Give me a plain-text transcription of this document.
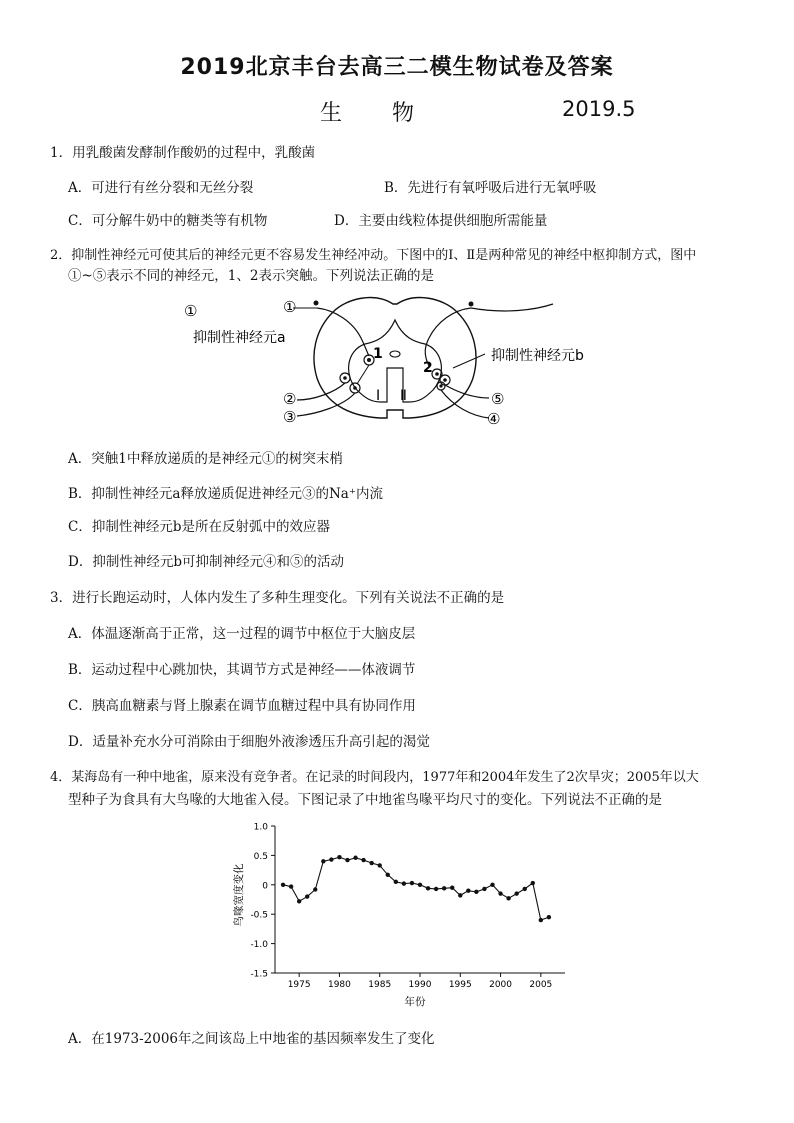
2019北京丰台去高三二模生物试卷及答案
生　　物	2019.5
1．用乳酸菌发酵制作酸奶的过程中，乳酸菌
A．可进行有丝分裂和无丝分裂	B．先进行有氧呼吸后进行无氧呼吸
C．可分解牛奶中的糖类等有机物	D．主要由线粒体提供细胞所需能量
2．抑制性神经元可使其后的神经元更不容易发生神经冲动。下图中的Ⅰ、Ⅱ是两种常见的神经中枢抑制方式，图中
①~⑤表示不同的神经元，1、2表示突触。下列说法正确的是
①	①
抑制性神经元a
1
2
抑制性神经元b
②
③
⑤
④
Ⅰ Ⅱ
A．突触1中释放递质的是神经元①的树突末梢
B．抑制性神经元a释放递质促进神经元③的Na⁺内流
C．抑制性神经元b是所在反射弧中的效应器
D．抑制性神经元b可抑制神经元④和⑤的活动
3．进行长跑运动时，人体内发生了多种生理变化。下列有关说法不正确的是
A．体温逐渐高于正常，这一过程的调节中枢位于大脑皮层
B．运动过程中心跳加快，其调节方式是神经——体液调节
C．胰高血糖素与肾上腺素在调节血糖过程中具有协同作用
D．适量补充水分可消除由于细胞外液渗透压升高引起的渴觉
4．某海岛有一种中地雀，原来没有竞争者。在记录的时间段内，1977年和2004年发生了2次旱灾；2005年以大
型种子为食具有大鸟喙的大地雀入侵。下图记录了中地雀鸟喙平均尺寸的变化。下列说法不正确的是
1.0
0.5
0
-0.5
-1.0
-1.5
1975 1980 1985 1990 1995 2000 2005
鸟喙宽度变化
年份
A．在1973-2006年之间该岛上中地雀的基因频率发生了变化
